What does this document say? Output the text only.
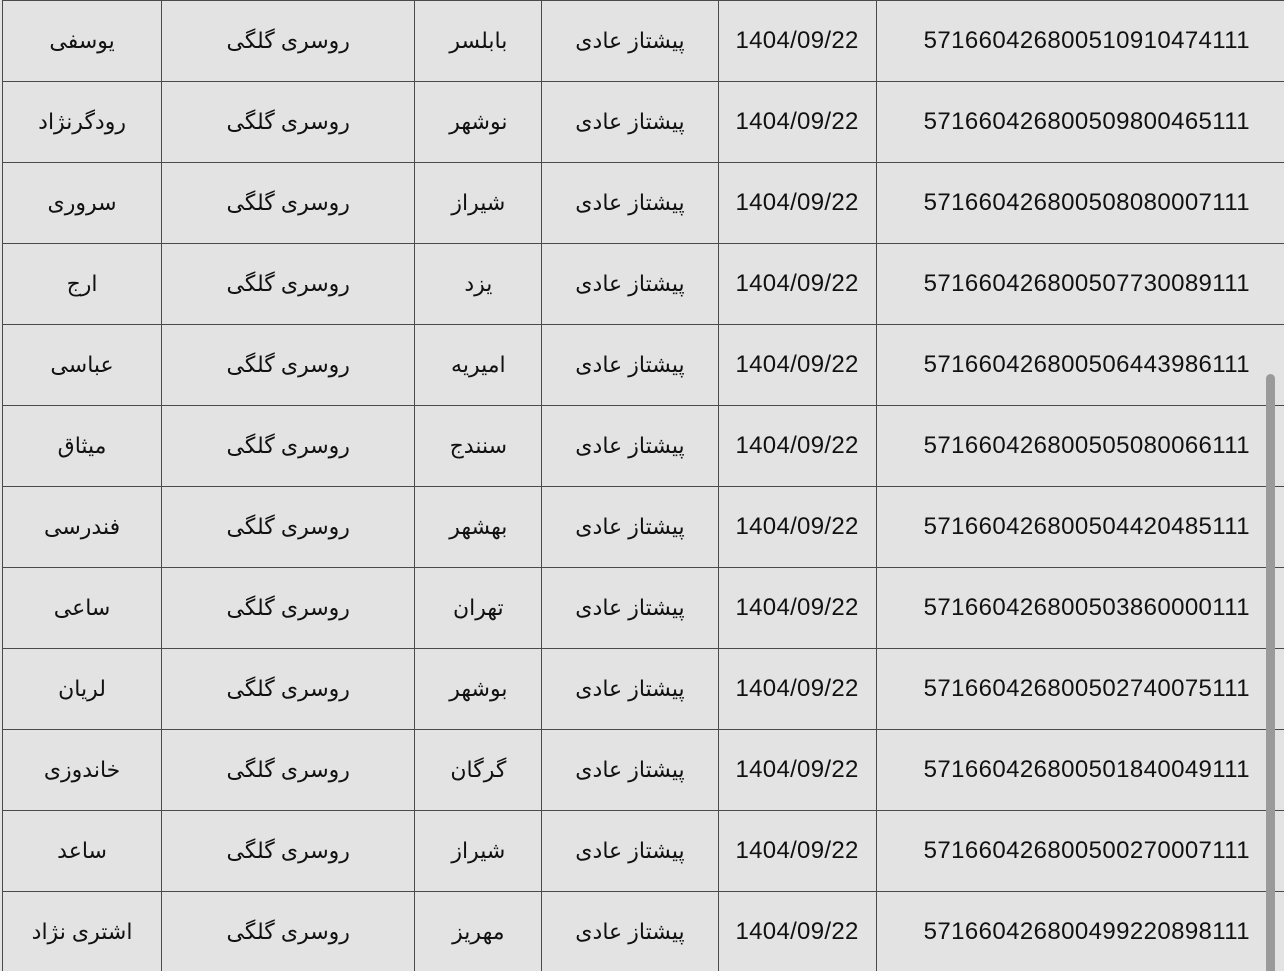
یوسفی	روسری گلگی	بابلسر	پیشتاز عادی	1404/09/22	571660426800510910474111
رودگرنژاد	روسری گلگی	نوشهر	پیشتاز عادی	1404/09/22	571660426800509800465111
سروری	روسری گلگی	شیراز	پیشتاز عادی	1404/09/22	571660426800508080007111
ارج	روسری گلگی	یزد	پیشتاز عادی	1404/09/22	571660426800507730089111
عباسی	روسری گلگی	امیریه	پیشتاز عادی	1404/09/22	571660426800506443986111
میثاق	روسری گلگی	سنندج	پیشتاز عادی	1404/09/22	571660426800505080066111
فندرسی	روسری گلگی	بهشهر	پیشتاز عادی	1404/09/22	571660426800504420485111
ساعی	روسری گلگی	تهران	پیشتاز عادی	1404/09/22	571660426800503860000111
لریان	روسری گلگی	بوشهر	پیشتاز عادی	1404/09/22	571660426800502740075111
خاندوزی	روسری گلگی	گرگان	پیشتاز عادی	1404/09/22	571660426800501840049111
ساعد	روسری گلگی	شیراز	پیشتاز عادی	1404/09/22	571660426800500270007111
اشتری نژاد	روسری گلگی	مهریز	پیشتاز عادی	1404/09/22	571660426800499220898111
